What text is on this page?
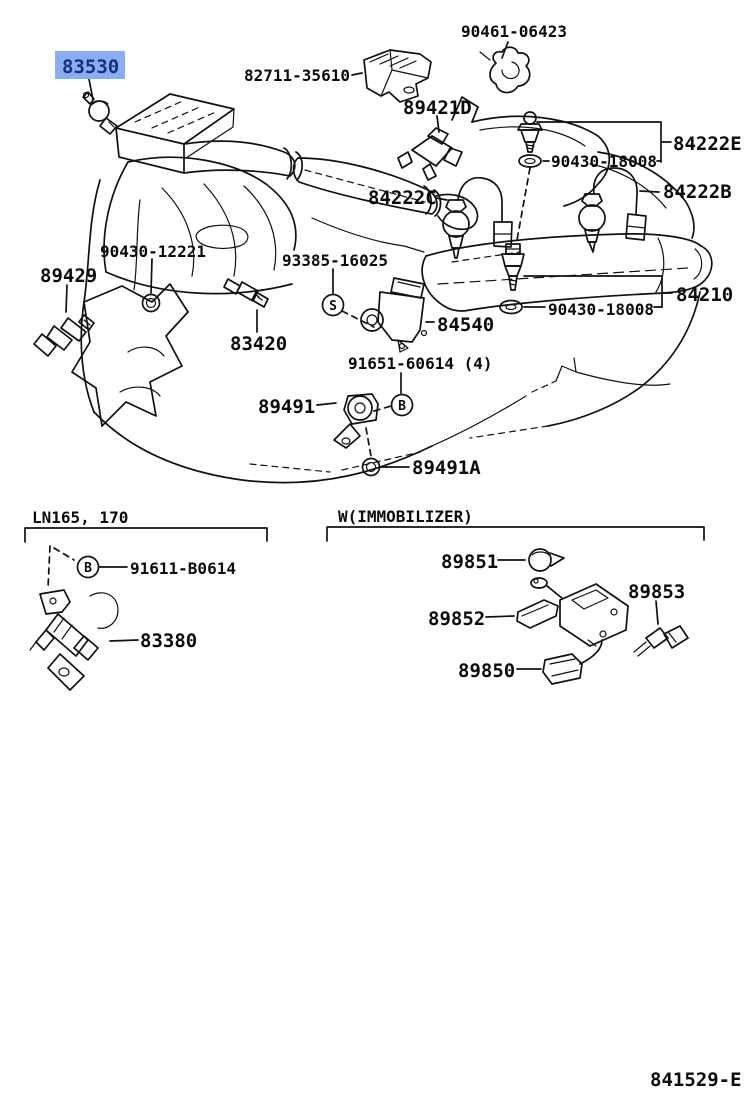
83530	82711-35610
90461-06423
89421D
84222E
90430-18008
84222C	84222B
90430-12221	93385-16025
89429
84210
90430-18008
83420
84540
91651-60614 (4)
89491
89491A
LN165, 170
91611-B0614
83380
W(IMMOBILIZER)
89851
89852
89853
89850
S
B
B
841529-E
